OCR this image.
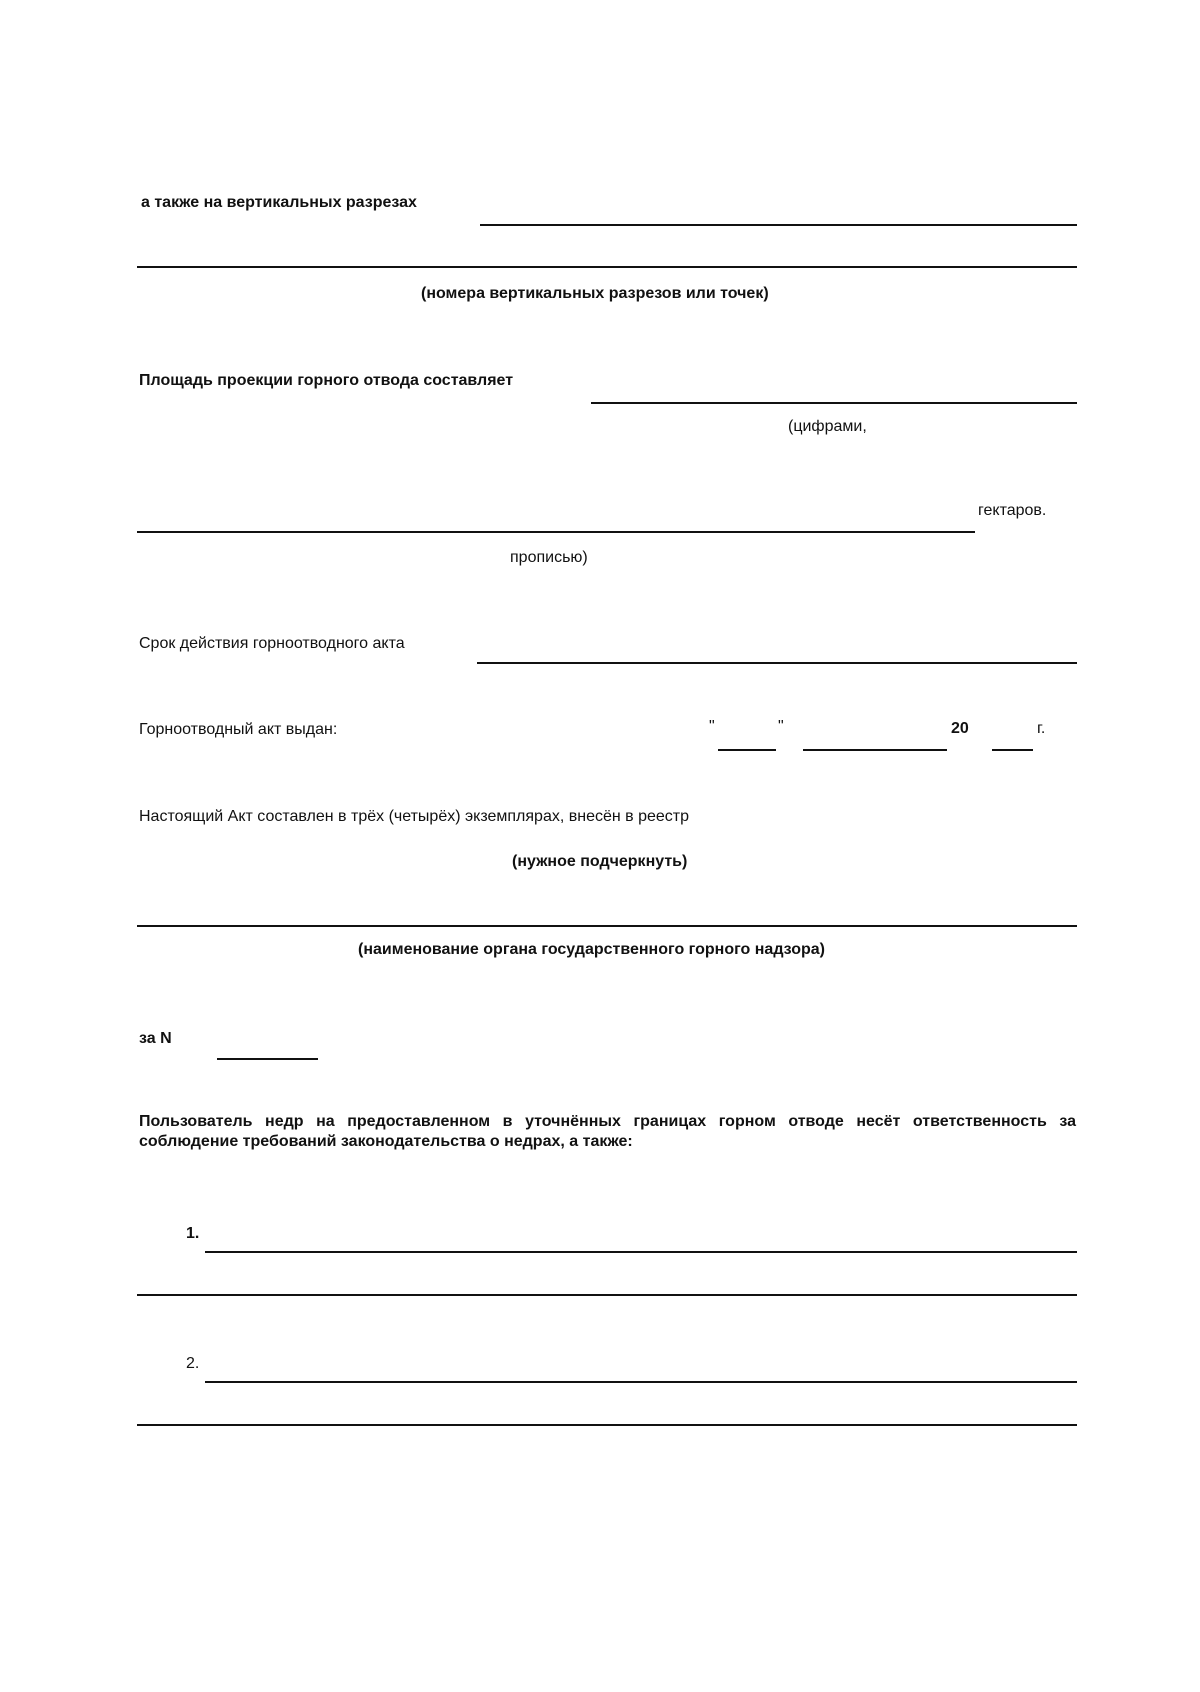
а также на вертикальных разрезах
(номера вертикальных разрезов или точек)
Площадь проекции горного отвода составляет
(цифрами,
гектаров.
прописью)
Срок действия горноотводного акта
Горноотводный акт выдан:	"	"	20	г.
Настоящий Акт составлен в трёх (четырёх) экземплярах, внесён в реестр
(нужное подчеркнуть)
(наименование органа государственного горного надзора)
за N
Пользователь недр на предоставленном в уточнённых границах горном отводе несёт ответственность за соблюдение требований законодательства о недрах, а также:
1.
2.
